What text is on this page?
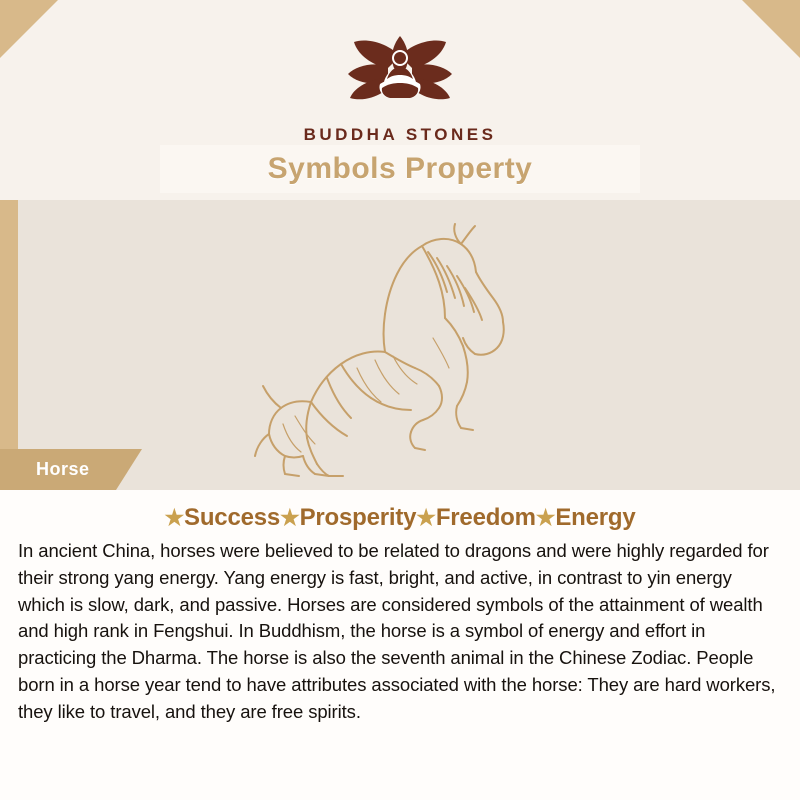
BUDDHA STONES
Symbols Property
Horse
★Success★Prosperity★Freedom★Energy
In ancient China, horses were believed to be related to dragons and were highly regarded for their strong yang energy. Yang energy is fast, bright, and active, in contrast to yin energy which is slow, dark, and passive. Horses are considered symbols of the attainment of wealth and high rank in Fengshui. In Buddhism, the horse is a symbol of energy and effort in practicing the Dharma. The horse is also the seventh animal in the Chinese Zodiac. People born in a horse year tend to have attributes associated with the horse: They are hard workers, they like to travel, and they are free spirits.
